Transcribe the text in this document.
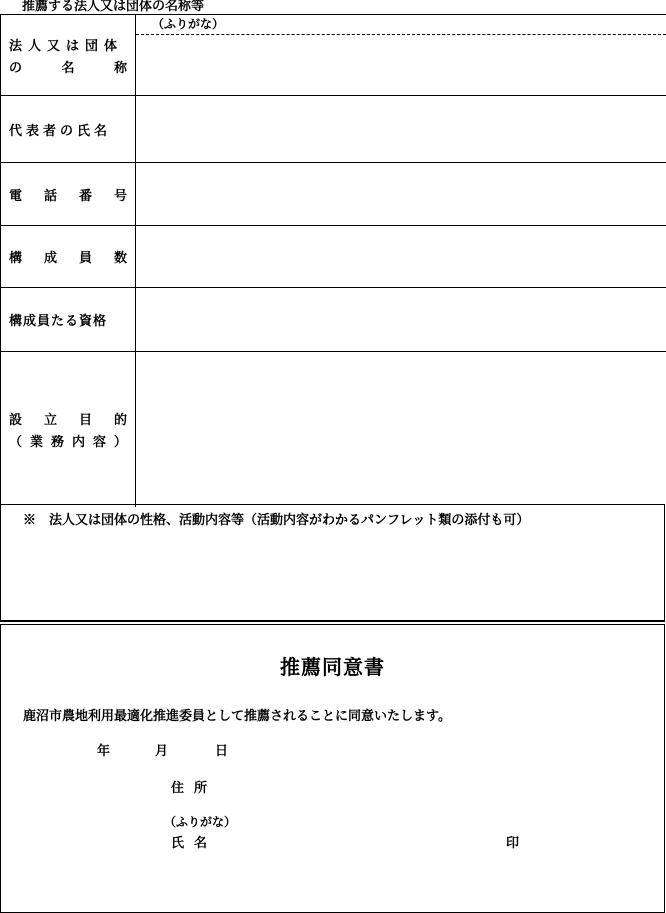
推薦する法人又は団体の名称等
法人又は団体
の	名	称
（ふりがな）
代表者の氏名
電 話 番 号
構 成 員 数
構成員たる資格
設 立 目 的
（ 業 務 内 容 ）
※　法人又は団体の性格、活動内容等（活動内容がわかるパンフレット類の添付も可）
推薦同意書
鹿沼市農地利用最適化推進委員として推薦されることに同意いたします。
年	月	日
住所
（ふりがな）
氏名	印
